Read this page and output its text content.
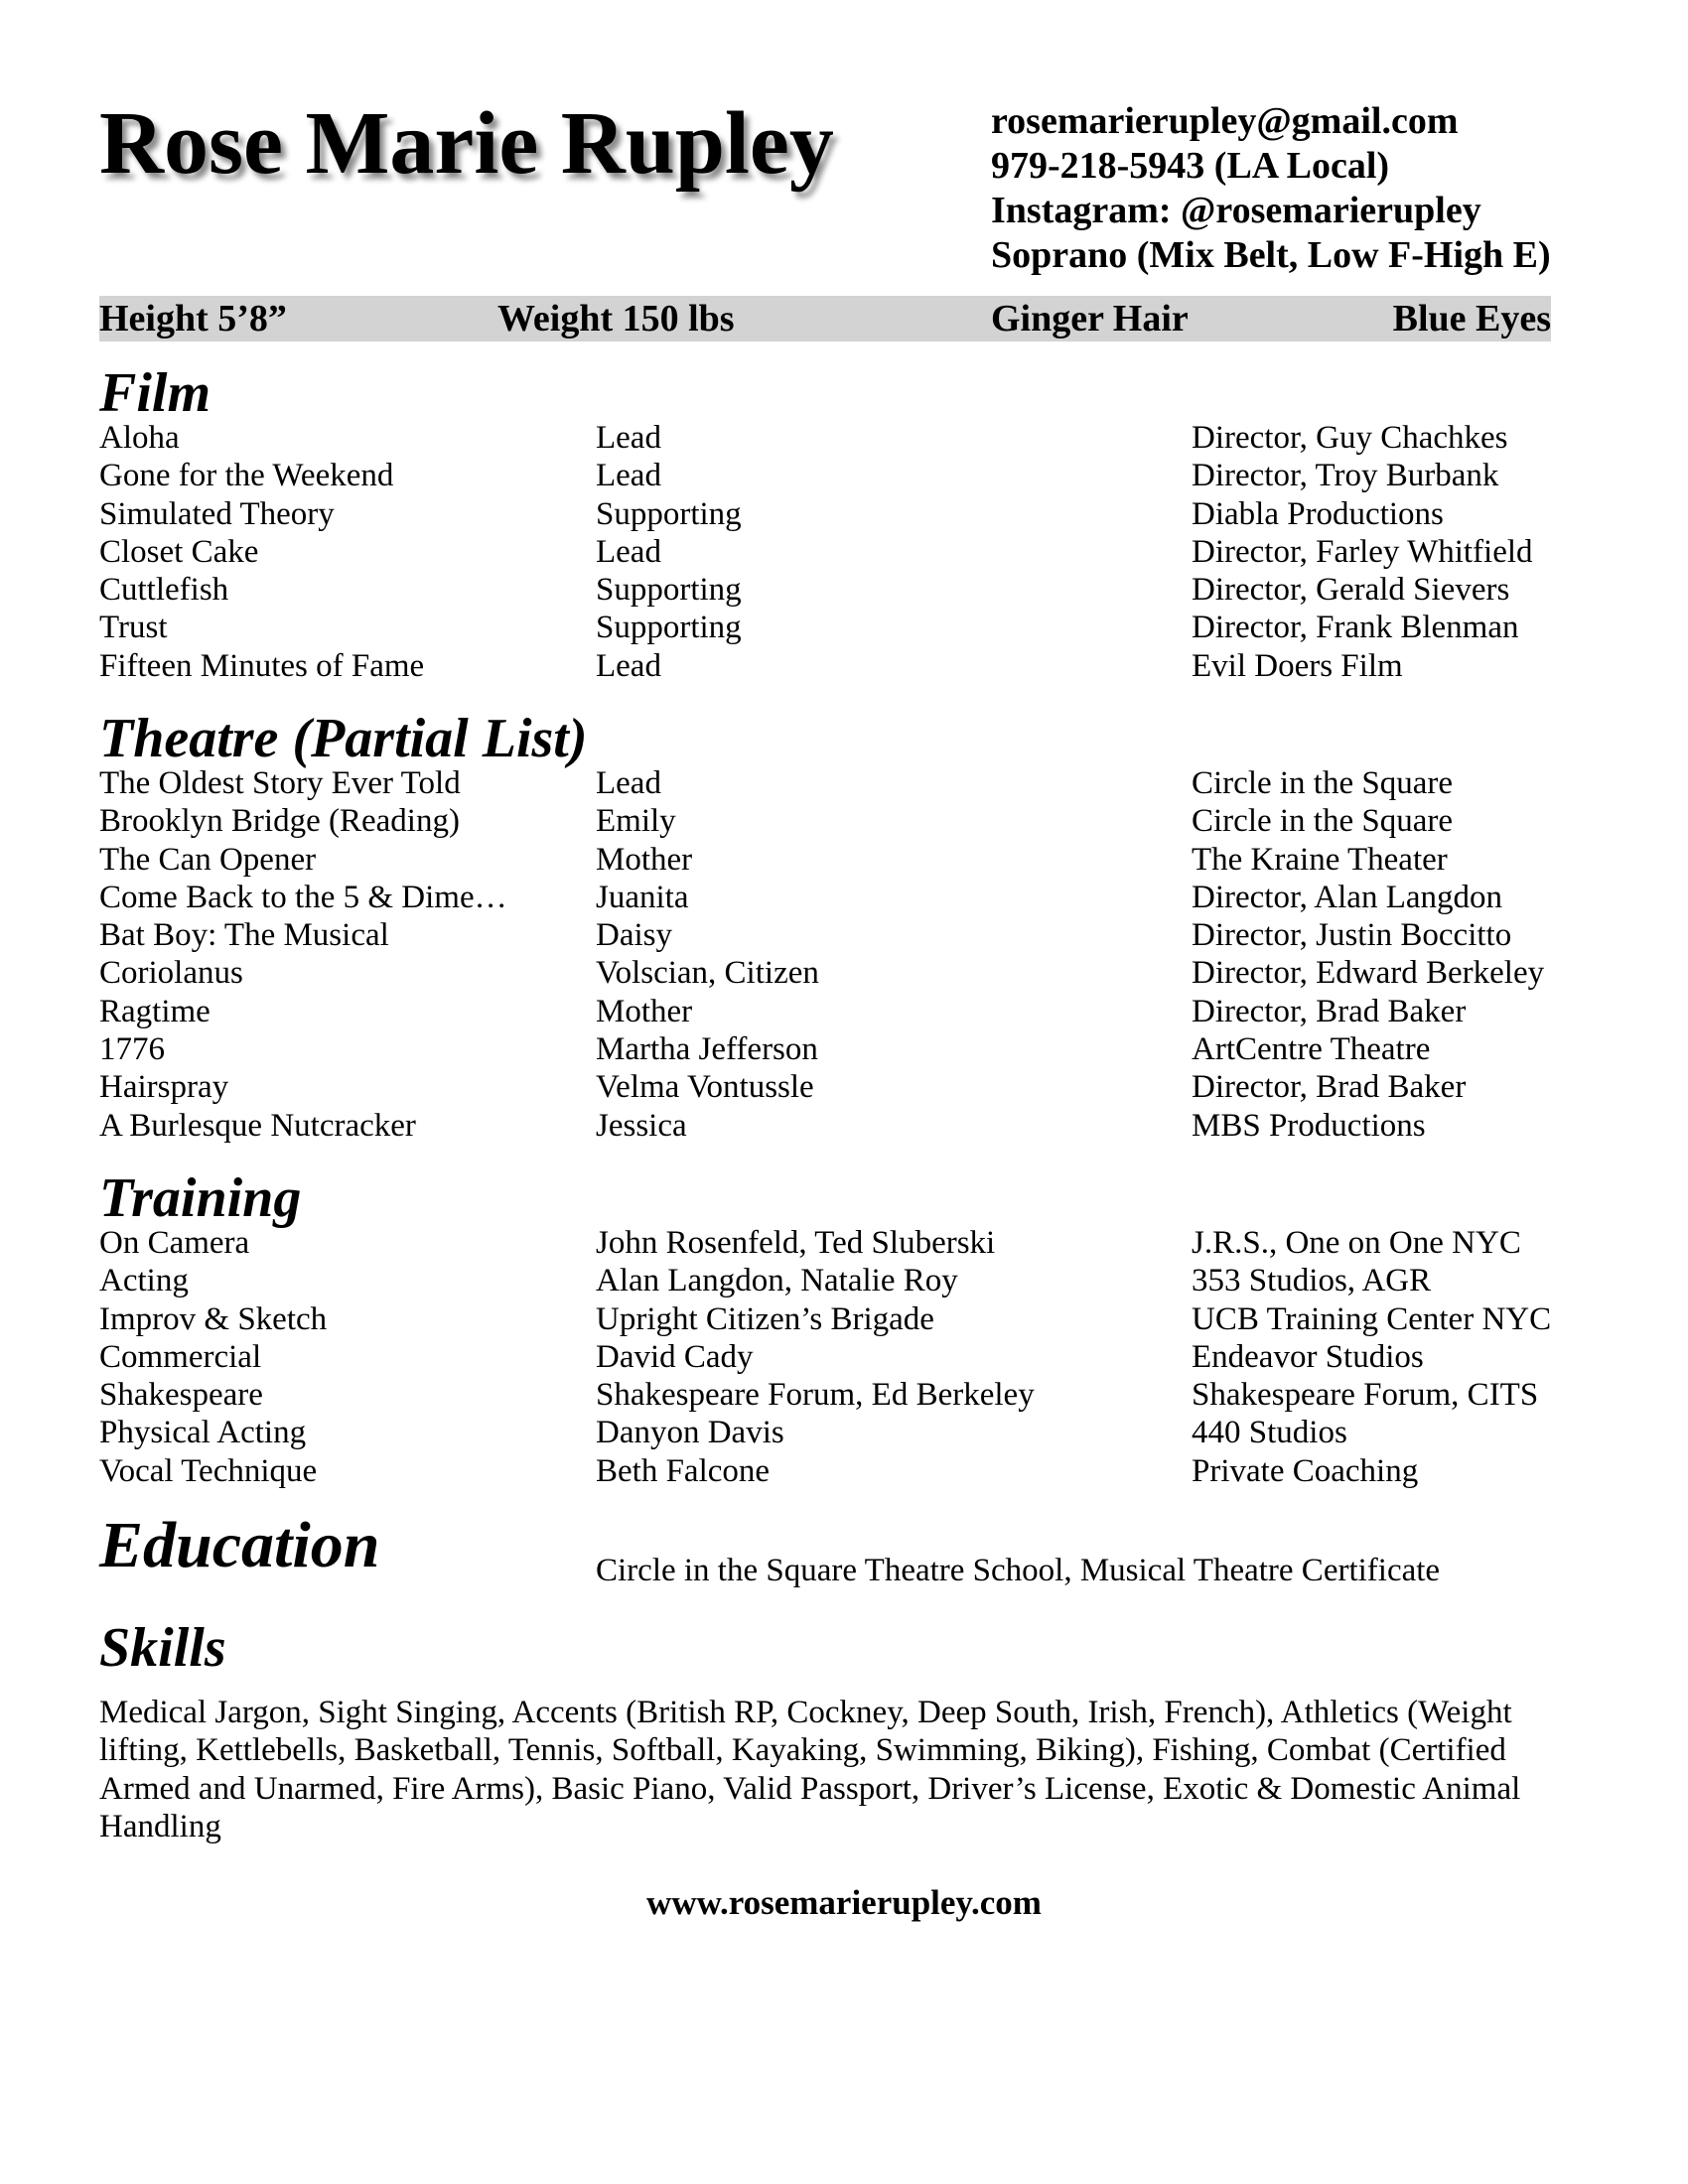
Rose Marie Rupley	rosemarierupley@gmail.com
979-218-5943 (LA Local)
Instagram: @rosemarierupley
Soprano (Mix Belt, Low F-High E)
Height 5’8”	Weight 150 lbs	Ginger Hair	Blue Eyes
Film
Aloha	Lead	Director, Guy Chachkes
Gone for the Weekend	Lead	Director, Troy Burbank
Simulated Theory	Supporting	Diabla Productions
Closet Cake	Lead	Director, Farley Whitfield
Cuttlefish	Supporting	Director, Gerald Sievers
Trust	Supporting	Director, Frank Blenman
Fifteen Minutes of Fame	Lead	Evil Doers Film
Theatre (Partial List)
The Oldest Story Ever Told	Lead	Circle in the Square
Brooklyn Bridge (Reading)	Emily	Circle in the Square
The Can Opener	Mother	The Kraine Theater
Come Back to the 5 & Dime…	Juanita	Director, Alan Langdon
Bat Boy: The Musical	Daisy	Director, Justin Boccitto
Coriolanus	Volscian, Citizen	Director, Edward Berkeley
Ragtime	Mother	Director, Brad Baker
1776	Martha Jefferson	ArtCentre Theatre
Hairspray	Velma Vontussle	Director, Brad Baker
A Burlesque Nutcracker	Jessica	MBS Productions
Training
On Camera	John Rosenfeld, Ted Sluberski	J.R.S., One on One NYC
Acting	Alan Langdon, Natalie Roy	353 Studios, AGR
Improv & Sketch	Upright Citizen’s Brigade	UCB Training Center NYC
Commercial	David Cady	Endeavor Studios
Shakespeare	Shakespeare Forum, Ed Berkeley	Shakespeare Forum, CITS
Physical Acting	Danyon Davis	440 Studios
Vocal Technique	Beth Falcone	Private Coaching
Education	Circle in the Square Theatre School, Musical Theatre Certificate
Skills
Medical Jargon, Sight Singing, Accents (British RP, Cockney, Deep South, Irish, French), Athletics (Weight lifting, Kettlebells, Basketball, Tennis, Softball, Kayaking, Swimming, Biking), Fishing, Combat (Certified Armed and Unarmed, Fire Arms), Basic Piano, Valid Passport, Driver’s License, Exotic & Domestic Animal Handling
www.rosemarierupley.com
